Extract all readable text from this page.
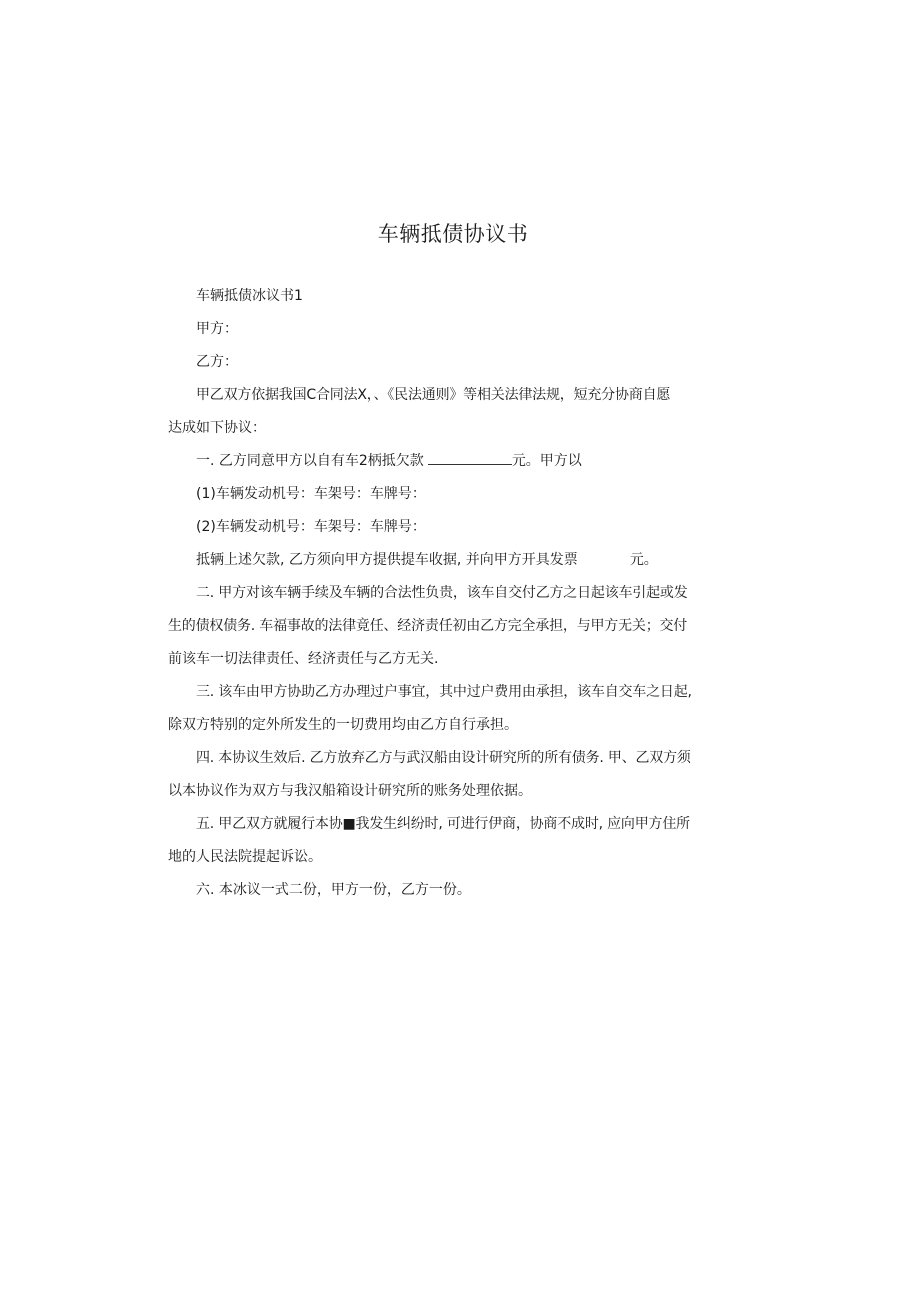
车辆抵债协议书

车辆抵债冰议书1

甲方：

乙方：

甲乙双方依据我国C合同法X，、《民法通则》等相关法律法规，短充分协商自愿

达成如下协议：

一. 乙方同意甲方以自有车2柄抵欠款	元。甲方以

(1)车辆发动机号：车架号：车牌号：

(2)车辆发动机号：车架号：车牌号：

抵辆上述欠款, 乙方须向甲方提供提车收据, 并向甲方开具发票	元。

二. 甲方对该车辆手续及车辆的合法性负贵，该车自交付乙方之日起该车引起或发

生的债权债务. 车福事故的法律竟任、经济责任初由乙方完全承担，与甲方无关；交付

前该车一切法律责任、经济责任与乙方无关.

三. 该车由甲方协助乙方办理过户事宜，其中过户费用由承担，该车自交车之日起,

除双方特别的定外所发生的一切费用均由乙方自行承担。

四. 本协议生效后. 乙方放弃乙方与武汉船由设计研究所的所有债务. 甲、乙双方须

以本协议作为双方与我汉船箱设计研究所的账务处理依据。

五. 甲乙双方就履行本协■我发生纠纷时, 可进行伊商，协商不成时, 应向甲方住所

地的人民法院提起诉讼。

六. 本冰议一式二份，甲方一份，乙方一份。
